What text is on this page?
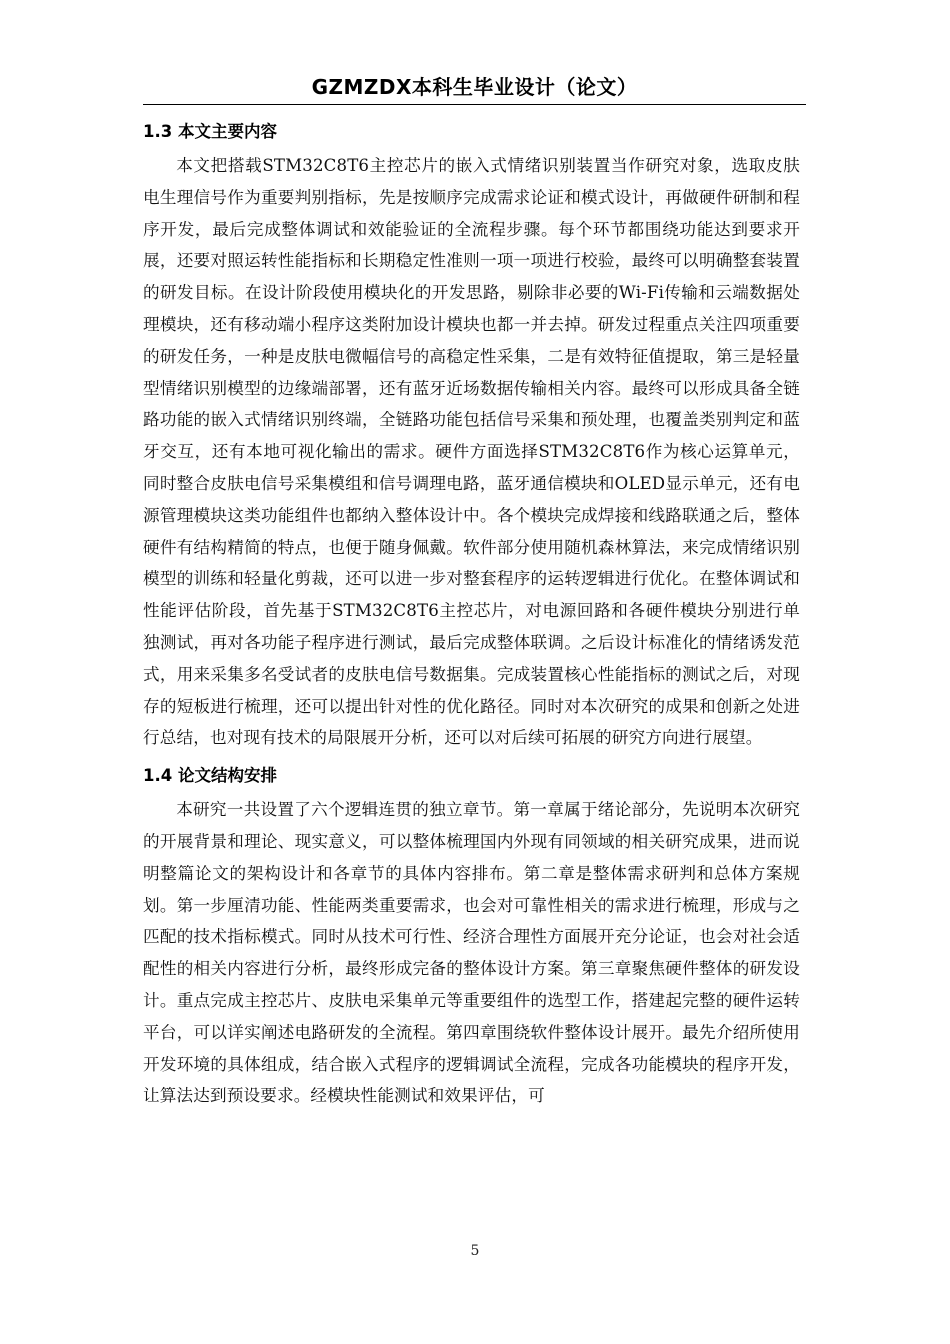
GZMZDX本科生毕业设计（论文）
1.3 本文主要内容

本文把搭载STM32C8T6主控芯片的嵌入式情绪识别装置当作研究对象，选取皮肤电生理信号作为重要判别指标，先是按顺序完成需求论证和模式设计，再做硬件研制和程序开发，最后完成整体调试和效能验证的全流程步骤。每个环节都围绕功能达到要求开展，还要对照运转性能指标和长期稳定性准则一项一项进行校验，最终可以明确整套装置的研发目标。在设计阶段使用模块化的开发思路，剔除非必要的Wi-Fi传输和云端数据处理模块，还有移动端小程序这类附加设计模块也都一并去掉。研发过程重点关注四项重要的研发任务，一种是皮肤电微幅信号的高稳定性采集，二是有效特征值提取，第三是轻量型情绪识别模型的边缘端部署，还有蓝牙近场数据传输相关内容。最终可以形成具备全链路功能的嵌入式情绪识别终端，全链路功能包括信号采集和预处理，也覆盖类别判定和蓝牙交互，还有本地可视化输出的需求。硬件方面选择STM32C8T6作为核心运算单元，同时整合皮肤电信号采集模组和信号调理电路，蓝牙通信模块和OLED显示单元，还有电源管理模块这类功能组件也都纳入整体设计中。各个模块完成焊接和线路联通之后，整体硬件有结构精简的特点，也便于随身佩戴。软件部分使用随机森林算法，来完成情绪识别模型的训练和轻量化剪裁，还可以进一步对整套程序的运转逻辑进行优化。在整体调试和性能评估阶段，首先基于STM32C8T6主控芯片，对电源回路和各硬件模块分别进行单独测试，再对各功能子程序进行测试，最后完成整体联调。之后设计标准化的情绪诱发范式，用来采集多名受试者的皮肤电信号数据集。完成装置核心性能指标的测试之后，对现存的短板进行梳理，还可以提出针对性的优化路径。同时对本次研究的成果和创新之处进行总结，也对现有技术的局限展开分析，还可以对后续可拓展的研究方向进行展望。

1.4 论文结构安排

本研究一共设置了六个逻辑连贯的独立章节。第一章属于绪论部分，先说明本次研究的开展背景和理论、现实意义，可以整体梳理国内外现有同领域的相关研究成果，进而说明整篇论文的架构设计和各章节的具体内容排布。第二章是整体需求研判和总体方案规划。第一步厘清功能、性能两类重要需求，也会对可靠性相关的需求进行梳理，形成与之匹配的技术指标模式。同时从技术可行性、经济合理性方面展开充分论证，也会对社会适配性的相关内容进行分析，最终形成完备的整体设计方案。第三章聚焦硬件整体的研发设计。重点完成主控芯片、皮肤电采集单元等重要组件的选型工作，搭建起完整的硬件运转平台，可以详实阐述电路研发的全流程。第四章围绕软件整体设计展开。最先介绍所使用开发环境的具体组成，结合嵌入式程序的逻辑调试全流程，完成各功能模块的程序开发，让算法达到预设要求。经模块性能测试和效果评估，可

5
